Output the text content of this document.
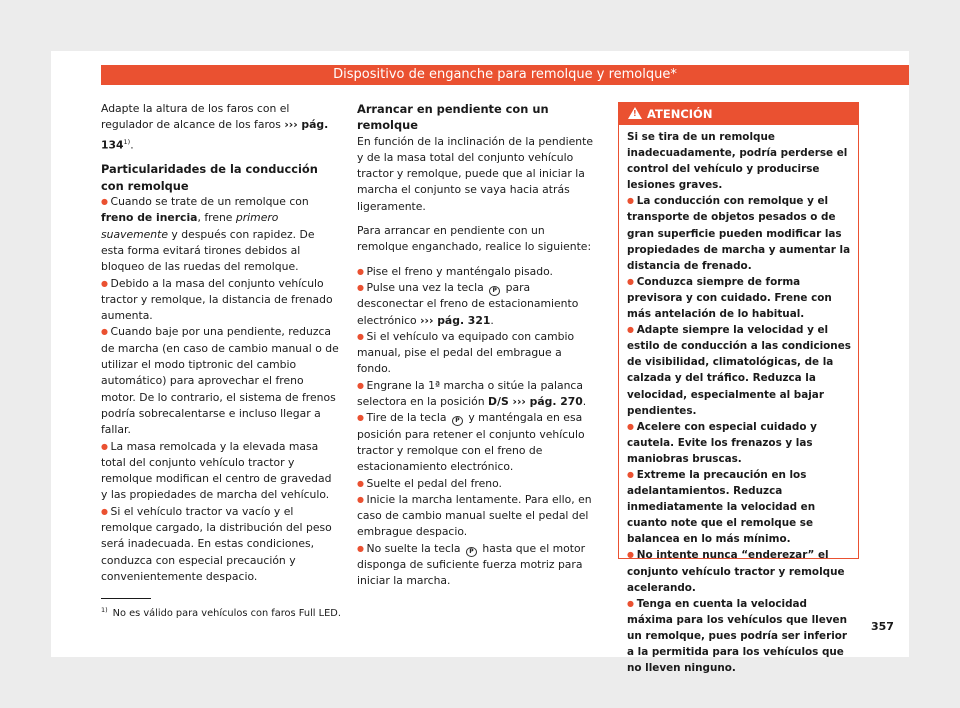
Dispositivo de enganche para remolque y remolque*

Adapte la altura de los faros con el regulador de alcance de los faros ››› pág. 134$^{1)}$.

Particularidades de la conducción con remolque

● Cuando se trate de un remolque con freno de inercia, frene primero suavemente y después con rapidez. De esta forma evitará tirones debidos al bloqueo de las ruedas del remolque.

● Debido a la masa del conjunto vehículo tractor y remolque, la distancia de frenado aumenta.

● Cuando baje por una pendiente, reduzca de marcha (en caso de cambio manual o de utilizar el modo tiptronic del cambio automático) para aprovechar el freno motor. De lo contrario, el sistema de frenos podría sobrecalentarse e incluso llegar a fallar.

● La masa remolcada y la elevada masa total del conjunto vehículo tractor y remolque modifican el centro de gravedad y las propiedades de marcha del vehículo.

● Si el vehículo tractor va vacío y el remolque cargado, la distribución del peso será inadecuada. En estas condiciones, conduzca con especial precaución y convenientemente despacio.

Arrancar en pendiente con un remolque

En función de la inclinación de la pendiente y de la masa total del conjunto vehículo tractor y remolque, puede que al iniciar la marcha el conjunto se vaya hacia atrás ligeramente.

Para arrancar en pendiente con un remolque enganchado, realice lo siguiente:

● Pise el freno y manténgalo pisado.

● Pulse una vez la tecla P para desconectar el freno de estacionamiento electrónico ››› pág. 321.

● Si el vehículo va equipado con cambio manual, pise el pedal del embrague a fondo.

● Engrane la 1ª marcha o sitúe la palanca selectora en la posición D/S ››› pág. 270.

● Tire de la tecla P y manténgala en esa posición para retener el conjunto vehículo tractor y remolque con el freno de estacionamiento electrónico.

● Suelte el pedal del freno.

● Inicie la marcha lentamente. Para ello, en caso de cambio manual suelte el pedal del embrague despacio.

● No suelte la tecla P hasta que el motor disponga de suficiente fuerza motriz para iniciar la marcha.

!
ATENCIÓN

Si se tira de un remolque inadecuadamente, podría perderse el control del vehículo y producirse lesiones graves.

● La conducción con remolque y el transporte de objetos pesados o de gran superficie pueden modificar las propiedades de marcha y aumentar la distancia de frenado.

● Conduzca siempre de forma previsora y con cuidado. Frene con más antelación de lo habitual.

● Adapte siempre la velocidad y el estilo de conducción a las condiciones de visibilidad, climatológicas, de la calzada y del tráfico. Reduzca la velocidad, especialmente al bajar pendientes.

● Acelere con especial cuidado y cautela. Evite los frenazos y las maniobras bruscas.

● Extreme la precaución en los adelantamientos. Reduzca inmediatamente la velocidad en cuanto note que el remolque se balancea en lo más mínimo.

● No intente nunca “enderezar” el conjunto vehículo tractor y remolque acelerando.

● Tenga en cuenta la velocidad máxima para los vehículos que lleven un remolque, pues podría ser inferior a la permitida para los vehículos que no lleven ninguno.

$^{1)}$ No es válido para vehículos con faros Full LED.
357
